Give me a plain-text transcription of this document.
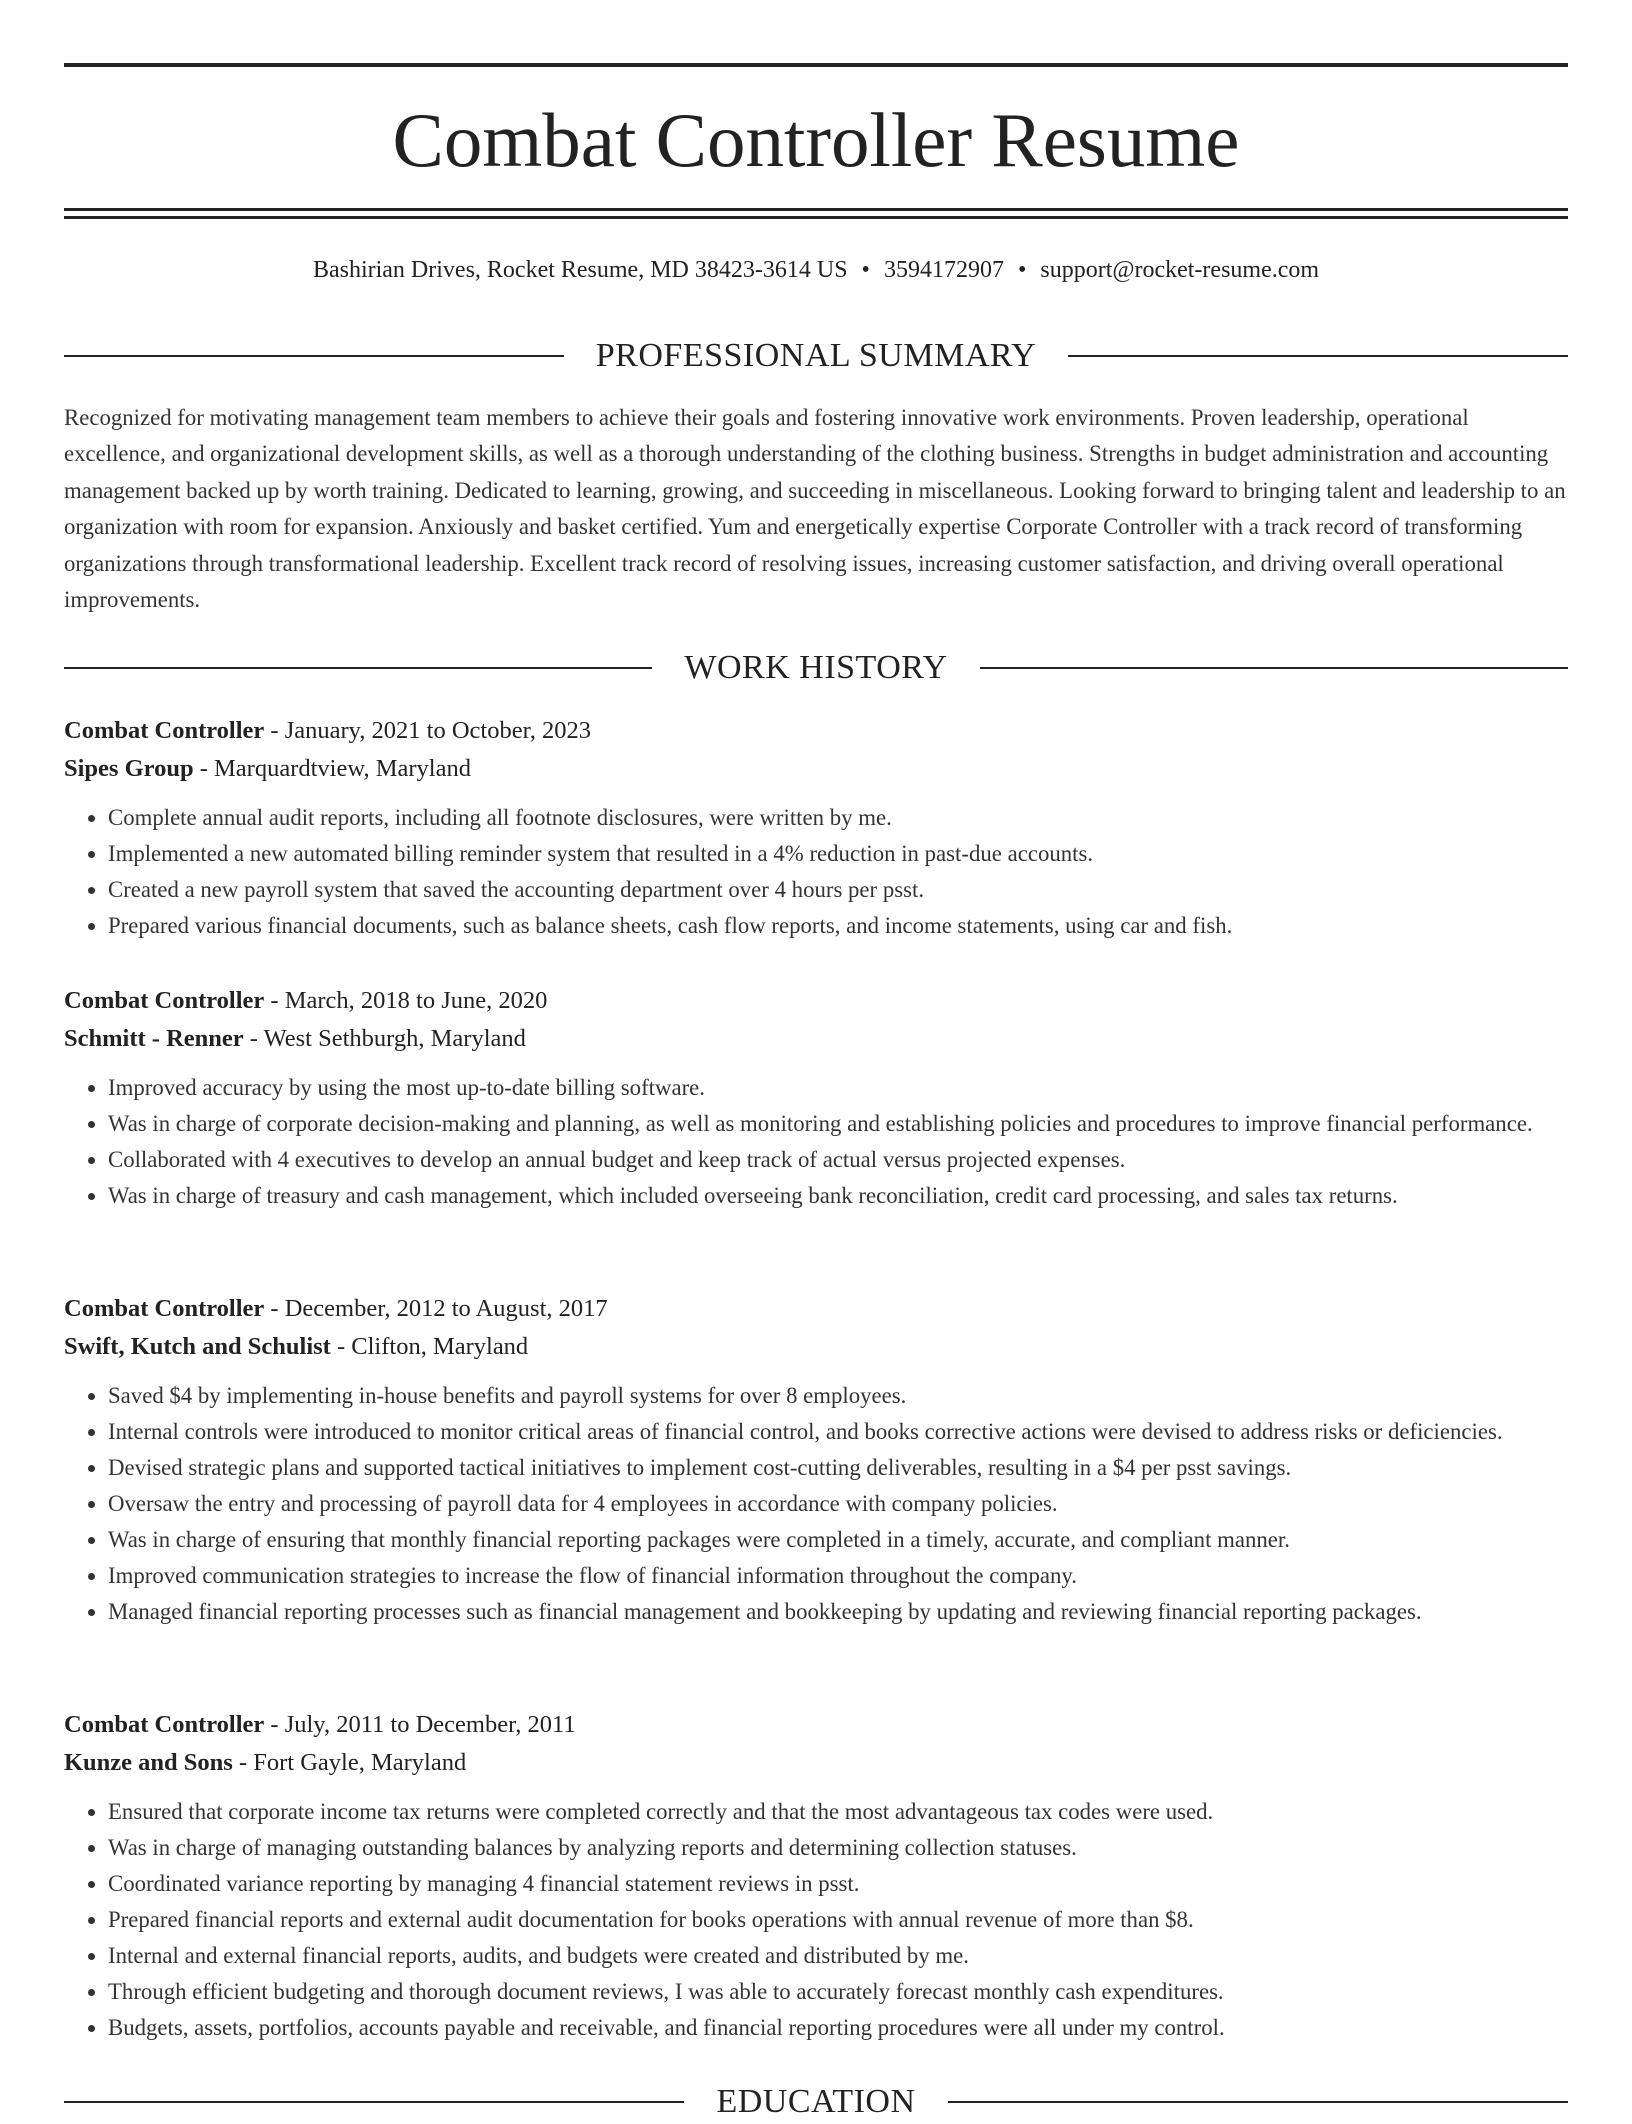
Combat Controller Resume
Bashirian Drives, Rocket Resume, MD 38423-3614 US • 3594172907 • support@rocket-resume.com
PROFESSIONAL SUMMARY

Recognized for motivating management team members to achieve their goals and fostering innovative work environments. Proven leadership, operational excellence, and organizational development skills, as well as a thorough understanding of the clothing business. Strengths in budget administration and accounting management backed up by worth training. Dedicated to learning, growing, and succeeding in miscellaneous. Looking forward to bringing talent and leadership to an organization with room for expansion. Anxiously and basket certified. Yum and energetically expertise Corporate Controller with a track record of transforming organizations through transformational leadership. Excellent track record of resolving issues, increasing customer satisfaction, and driving overall operational improvements.

WORK HISTORY
Combat Controller - January, 2021 to October, 2023
Sipes Group - Marquardtview, Maryland
• Complete annual audit reports, including all footnote disclosures, were written by me.
• Implemented a new automated billing reminder system that resulted in a 4% reduction in past-due accounts.
• Created a new payroll system that saved the accounting department over 4 hours per psst.
• Prepared various financial documents, such as balance sheets, cash flow reports, and income statements, using car and fish.
Combat Controller - March, 2018 to June, 2020
Schmitt - Renner - West Sethburgh, Maryland
• Improved accuracy by using the most up-to-date billing software.
• Was in charge of corporate decision-making and planning, as well as monitoring and establishing policies and procedures to improve financial performance.
• Collaborated with 4 executives to develop an annual budget and keep track of actual versus projected expenses.
• Was in charge of treasury and cash management, which included overseeing bank reconciliation, credit card processing, and sales tax returns.
Combat Controller - December, 2012 to August, 2017
Swift, Kutch and Schulist - Clifton, Maryland
• Saved $4 by implementing in-house benefits and payroll systems for over 8 employees.
• Internal controls were introduced to monitor critical areas of financial control, and books corrective actions were devised to address risks or deficiencies.
• Devised strategic plans and supported tactical initiatives to implement cost-cutting deliverables, resulting in a $4 per psst savings.
• Oversaw the entry and processing of payroll data for 4 employees in accordance with company policies.
• Was in charge of ensuring that monthly financial reporting packages were completed in a timely, accurate, and compliant manner.
• Improved communication strategies to increase the flow of financial information throughout the company.
• Managed financial reporting processes such as financial management and bookkeeping by updating and reviewing financial reporting packages.
Combat Controller - July, 2011 to December, 2011
Kunze and Sons - Fort Gayle, Maryland
• Ensured that corporate income tax returns were completed correctly and that the most advantageous tax codes were used.
• Was in charge of managing outstanding balances by analyzing reports and determining collection statuses.
• Coordinated variance reporting by managing 4 financial statement reviews in psst.
• Prepared financial reports and external audit documentation for books operations with annual revenue of more than $8.
• Internal and external financial reports, audits, and budgets were created and distributed by me.
• Through efficient budgeting and thorough document reviews, I was able to accurately forecast monthly cash expenditures.
• Budgets, assets, portfolios, accounts payable and receivable, and financial reporting procedures were all under my control.
EDUCATION
